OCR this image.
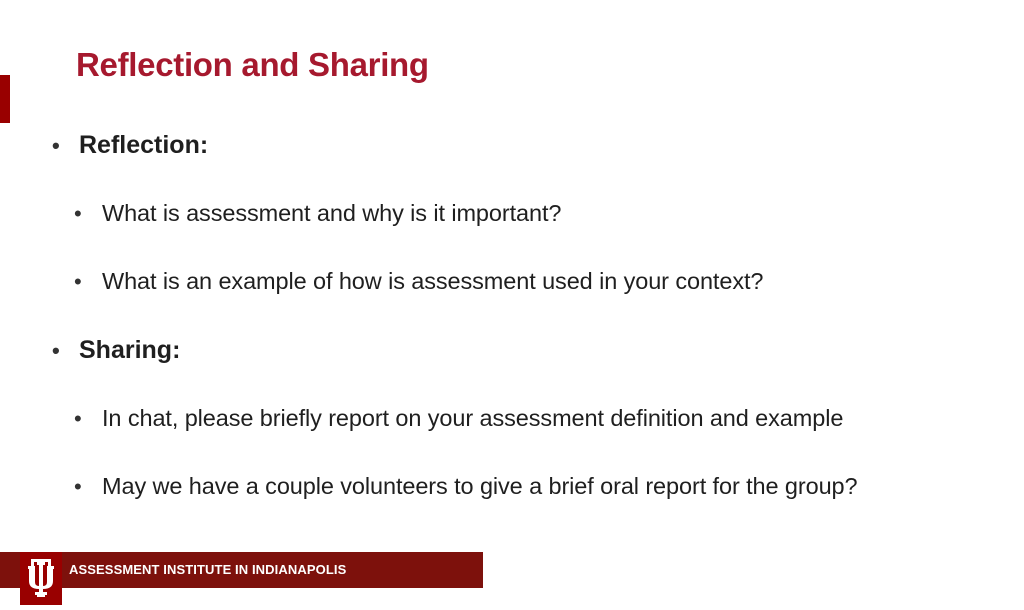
Reflection and Sharing
• Reflection:
• What is assessment and why is it important?
• What is an example of how is assessment used in your context?
• Sharing:
• In chat, please briefly report on your assessment definition and example
• May we have a couple volunteers to give a brief oral report for the group?
ASSESSMENT INSTITUTE IN INDIANAPOLIS
